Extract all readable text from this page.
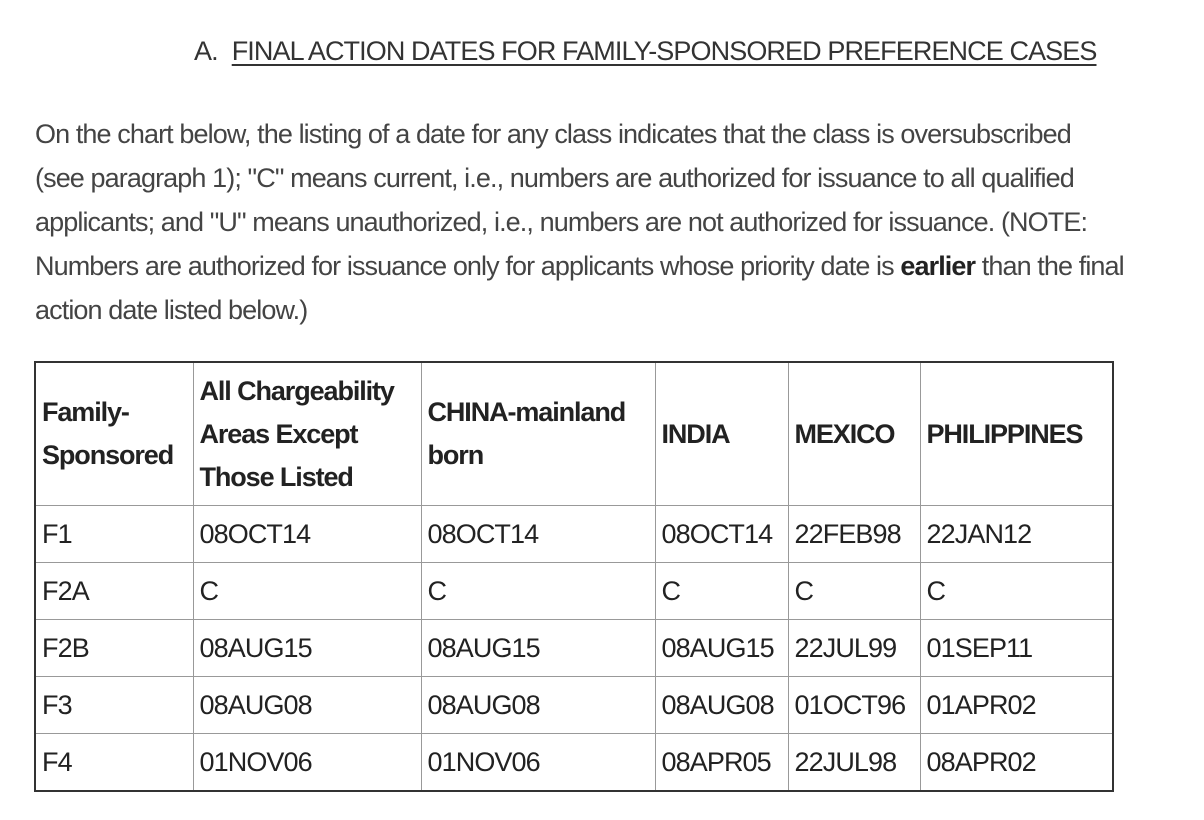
A. FINAL ACTION DATES FOR FAMILY-SPONSORED PREFERENCE CASES

On the chart below, the listing of a date for any class indicates that the class is oversubscribed (see paragraph 1); "C" means current, i.e., numbers are authorized for issuance to all qualified applicants; and "U" means unauthorized, i.e., numbers are not authorized for issuance. (NOTE: Numbers are authorized for issuance only for applicants whose priority date is earlier than the final action date listed below.)

Family-Sponsored	All Chargeability Areas Except Those Listed	CHINA-mainland born	INDIA	MEXICO	PHILIPPINES
F1	08OCT14	08OCT14	08OCT14	22FEB98	22JAN12
F2A	C	C	C	C	C
F2B	08AUG15	08AUG15	08AUG15	22JUL99	01SEP11
F3	08AUG08	08AUG08	08AUG08	01OCT96	01APR02
F4	01NOV06	01NOV06	08APR05	22JUL98	08APR02
